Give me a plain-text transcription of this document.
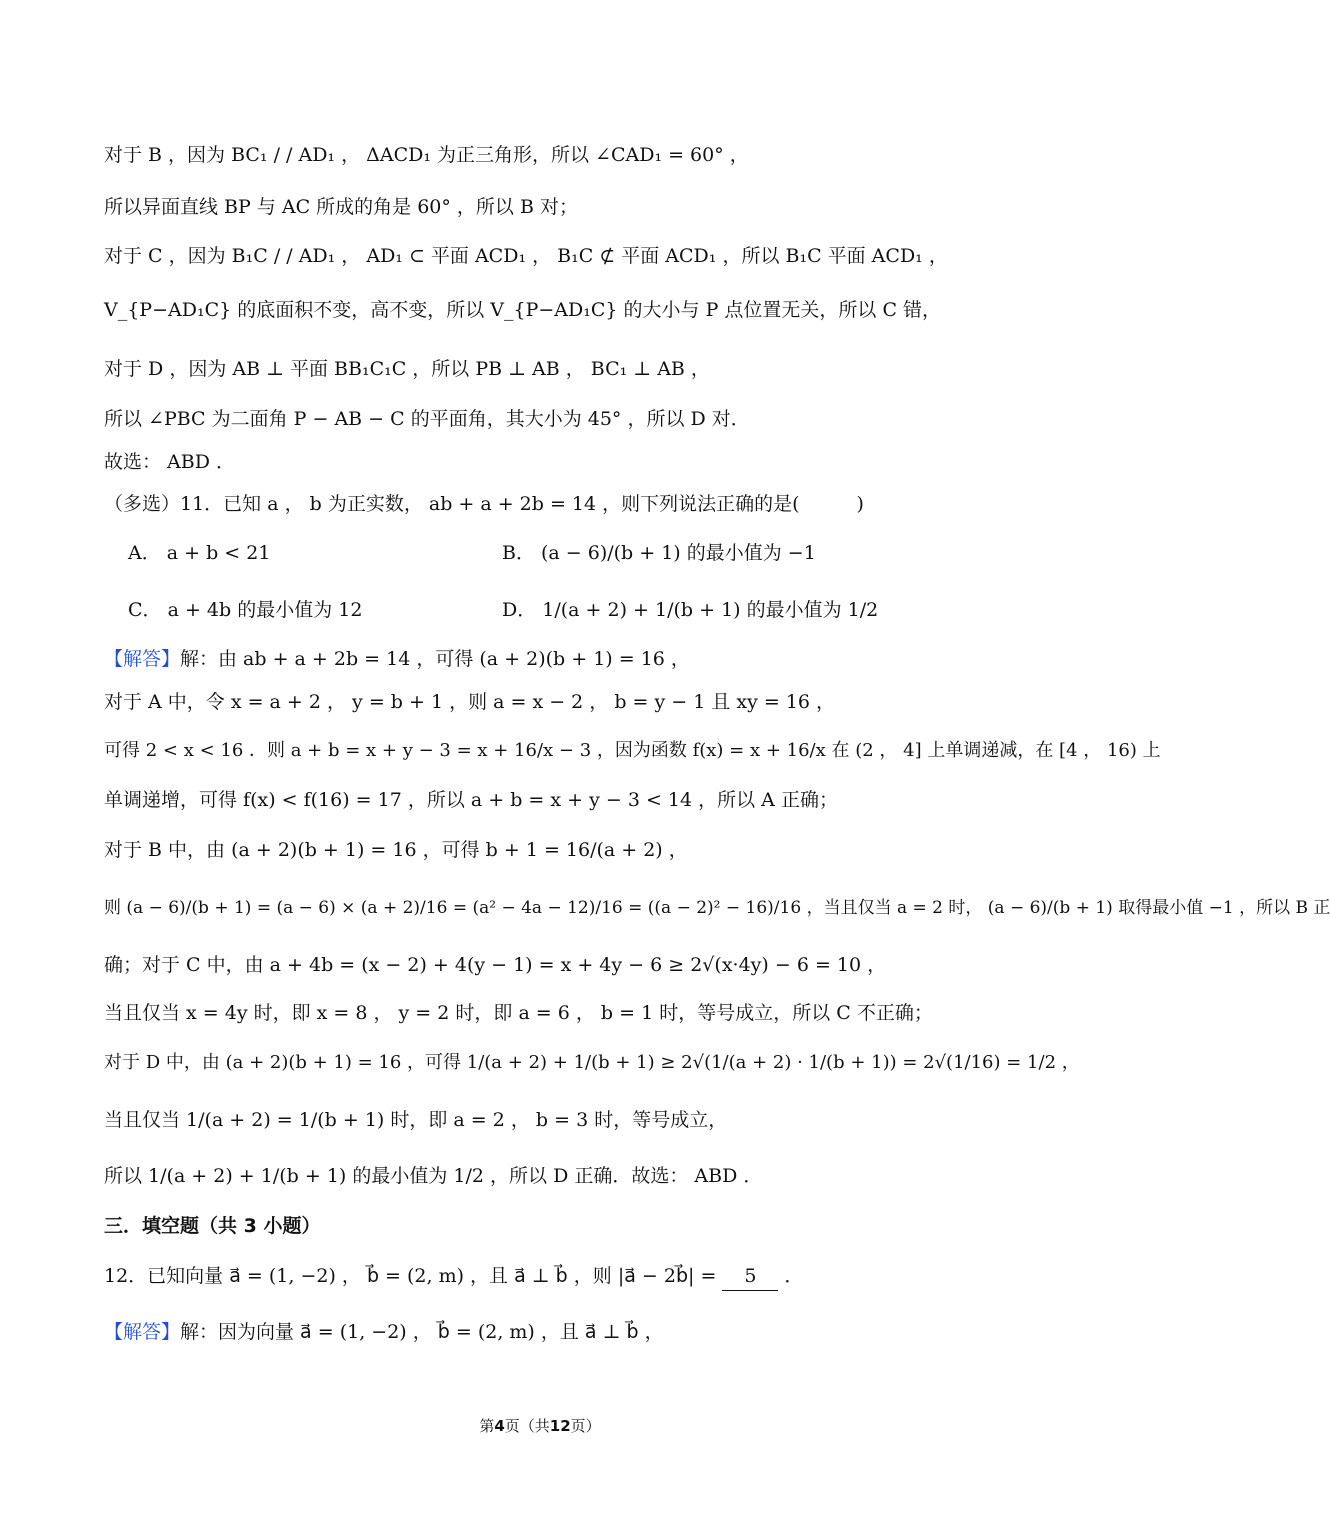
对于 B ，因为 BC₁ / / AD₁ ， ΔACD₁ 为正三角形，所以 ∠CAD₁ = 60° ，
所以异面直线 BP 与 AC 所成的角是 60° ，所以 B 对；
对于 C ，因为 B₁C / / AD₁ ， AD₁ ⊂ 平面 ACD₁ ， B₁C ⊄ 平面 ACD₁ ，所以 B₁C 平面 ACD₁ ，
V_{P−AD₁C} 的底面积不变，高不变，所以 V_{P−AD₁C} 的大小与 P 点位置无关，所以 C 错，
对于 D ，因为 AB ⊥ 平面 BB₁C₁C ，所以 PB ⊥ AB ， BC₁ ⊥ AB ，
所以 ∠PBC 为二面角 P − AB − C 的平面角，其大小为 45° ，所以 D 对．
故选： ABD ．
（多选）11．已知 a ， b 为正实数， ab + a + 2b = 14 ，则下列说法正确的是(　　　)
A． a + b < 21	B． (a − 6)/(b + 1) 的最小值为 −1
C． a + 4b 的最小值为 12	D． 1/(a + 2) + 1/(b + 1) 的最小值为 1/2
【解答】解：由 ab + a + 2b = 14 ，可得 (a + 2)(b + 1) = 16 ，
对于 A 中，令 x = a + 2 ， y = b + 1 ，则 a = x − 2 ， b = y − 1 且 xy = 16 ，
可得 2 < x < 16 ．则 a + b = x + y − 3 = x + 16/x − 3 ，因为函数 f(x) = x + 16/x 在 (2 ， 4] 上单调递减，在 [4 ， 16) 上
单调递增，可得 f(x) < f(16) = 17 ，所以 a + b = x + y − 3 < 14 ，所以 A 正确；
对于 B 中，由 (a + 2)(b + 1) = 16 ，可得 b + 1 = 16/(a + 2) ，
则 (a − 6)/(b + 1) = (a − 6) × (a + 2)/16 = (a² − 4a − 12)/16 = ((a − 2)² − 16)/16 ，当且仅当 a = 2 时， (a − 6)/(b + 1) 取得最小值 −1 ，所以 B 正
确；对于 C 中，由 a + 4b = (x − 2) + 4(y − 1) = x + 4y − 6 ≥ 2√(x·4y) − 6 = 10 ，
当且仅当 x = 4y 时，即 x = 8 ， y = 2 时，即 a = 6 ， b = 1 时，等号成立，所以 C 不正确；
对于 D 中，由 (a + 2)(b + 1) = 16 ，可得 1/(a + 2) + 1/(b + 1) ≥ 2√(1/(a + 2) · 1/(b + 1)) = 2√(1/16) = 1/2 ，
当且仅当 1/(a + 2) = 1/(b + 1) 时，即 a = 2 ， b = 3 时，等号成立，
所以 1/(a + 2) + 1/(b + 1) 的最小值为 1/2 ，所以 D 正确．故选： ABD ．
三．填空题（共 3 小题）
12．已知向量 a⃗ = (1, −2) ， b⃗ = (2, m) ，且 a⃗ ⊥ b⃗ ，则 |a⃗ − 2b⃗| = 5 ．
【解答】解：因为向量 a⃗ = (1, −2) ， b⃗ = (2, m) ，且 a⃗ ⊥ b⃗ ，
第4页（共12页）
